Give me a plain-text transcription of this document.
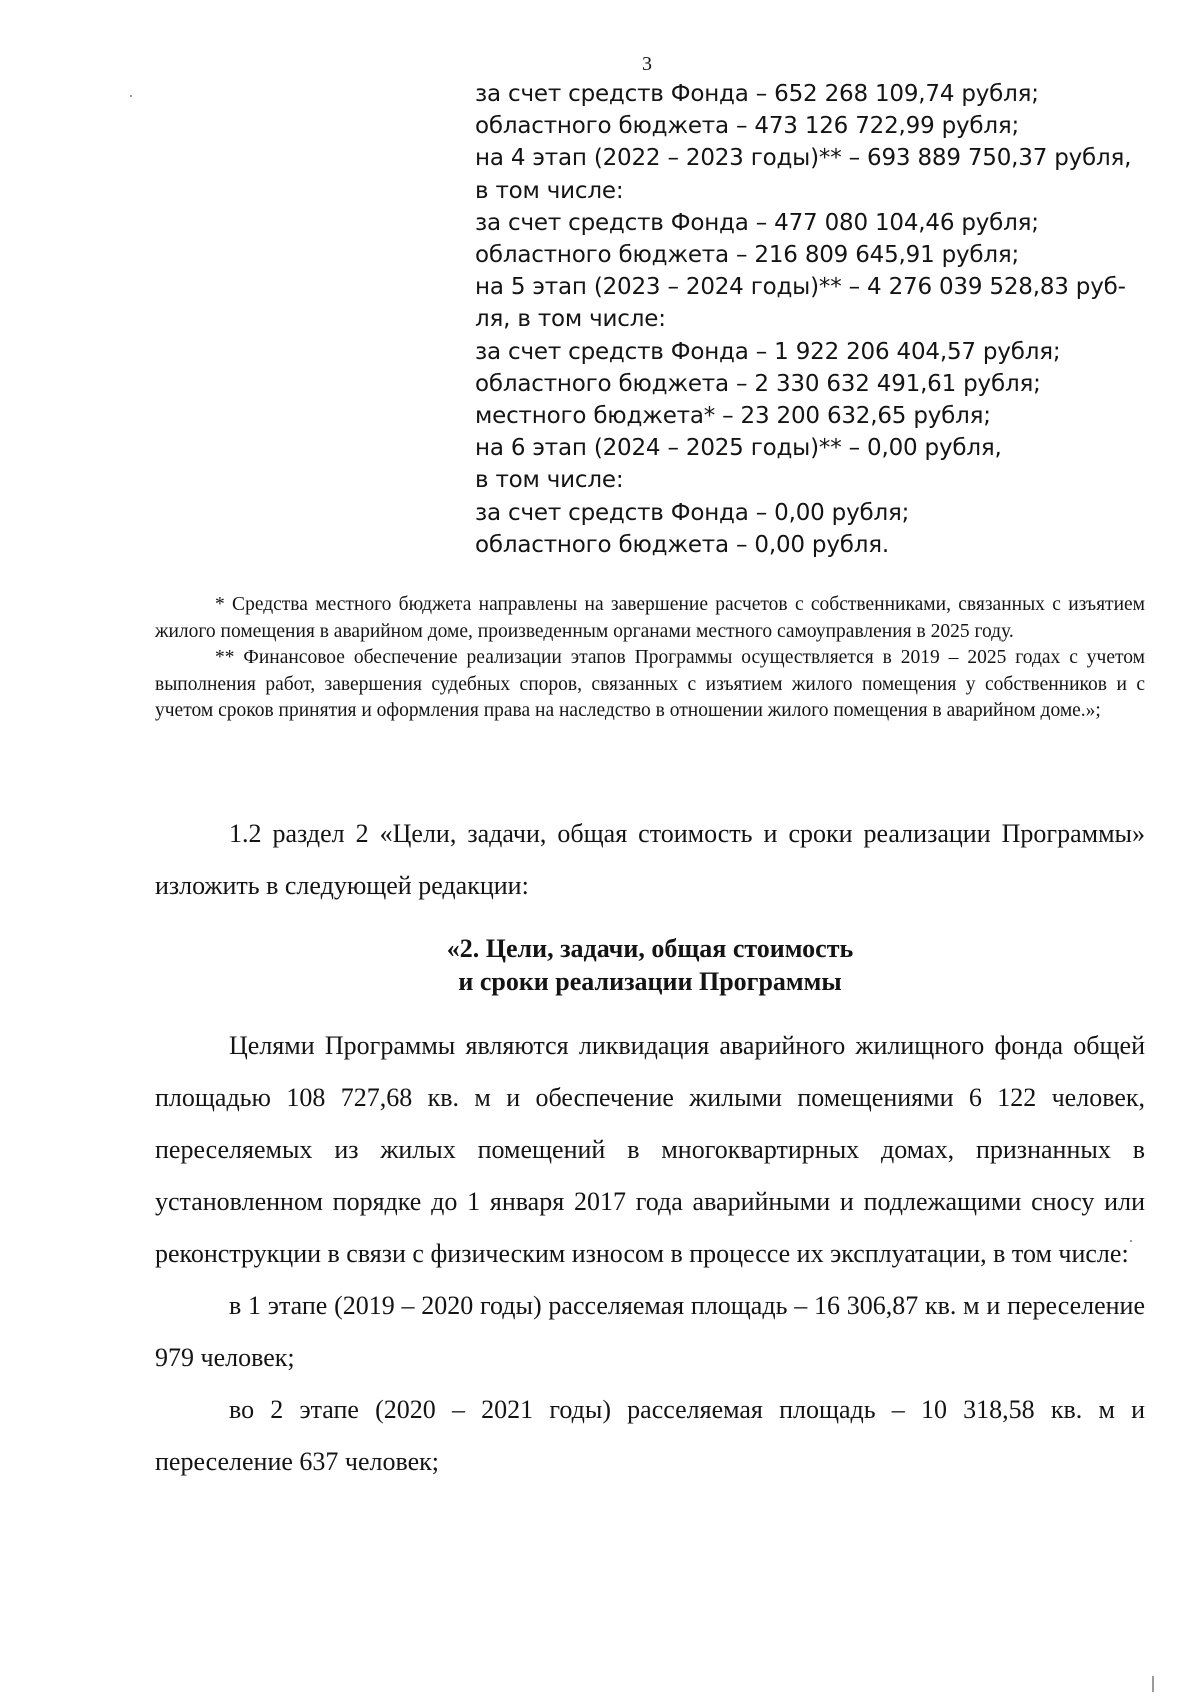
3
за счет средств Фонда – 652 268 109,74 рубля;
областного бюджета – 473 126 722,99 рубля;
на 4 этап (2022 – 2023 годы)** – 693 889 750,37 рубля,
в том числе:
за счет средств Фонда – 477 080 104,46 рубля;
областного бюджета – 216 809 645,91 рубля;
на 5 этап (2023 – 2024 годы)** – 4 276 039 528,83 руб-
ля, в том числе:
за счет средств Фонда – 1 922 206 404,57 рубля;
областного бюджета – 2 330 632 491,61 рубля;
местного бюджета* – 23 200 632,65 рубля;
на 6 этап (2024 – 2025 годы)** – 0,00 рубля,
в том числе:
за счет средств Фонда – 0,00 рубля;
областного бюджета – 0,00 рубля.

* Средства местного бюджета направлены на завершение расчетов с собственниками, связанных с изъятием жилого помещения в аварийном доме, произведенным органами местного самоуправления в 2025 году.

** Финансовое обеспечение реализации этапов Программы осуществляется в 2019 – 2025 годах с учетом выполнения работ, завершения судебных споров, связанных с изъятием жилого помещения у собственников и с учетом сроков принятия и оформления права на наследство в отношении жилого помещения в аварийном доме.»;

1.2 раздел 2 «Цели, задачи, общая стоимость и сроки реализации Программы» изложить в следующей редакции:

«2. Цели, задачи, общая стоимость
и сроки реализации Программы

Целями Программы являются ликвидация аварийного жилищного фонда общей площадью 108 727,68 кв. м и обеспечение жилыми помещениями 6 122 человек, переселяемых из жилых помещений в многоквартирных домах, признанных в установленном порядке до 1 января 2017 года аварийными и подлежащими сносу или реконструкции в связи с физическим износом в процессе их эксплуатации, в том числе:

в 1 этапе (2019 – 2020 годы) расселяемая площадь – 16 306,87 кв. м и переселение 979 человек;

во 2 этапе (2020 – 2021 годы) расселяемая площадь – 10 318,58 кв. м и переселение 637 человек;
